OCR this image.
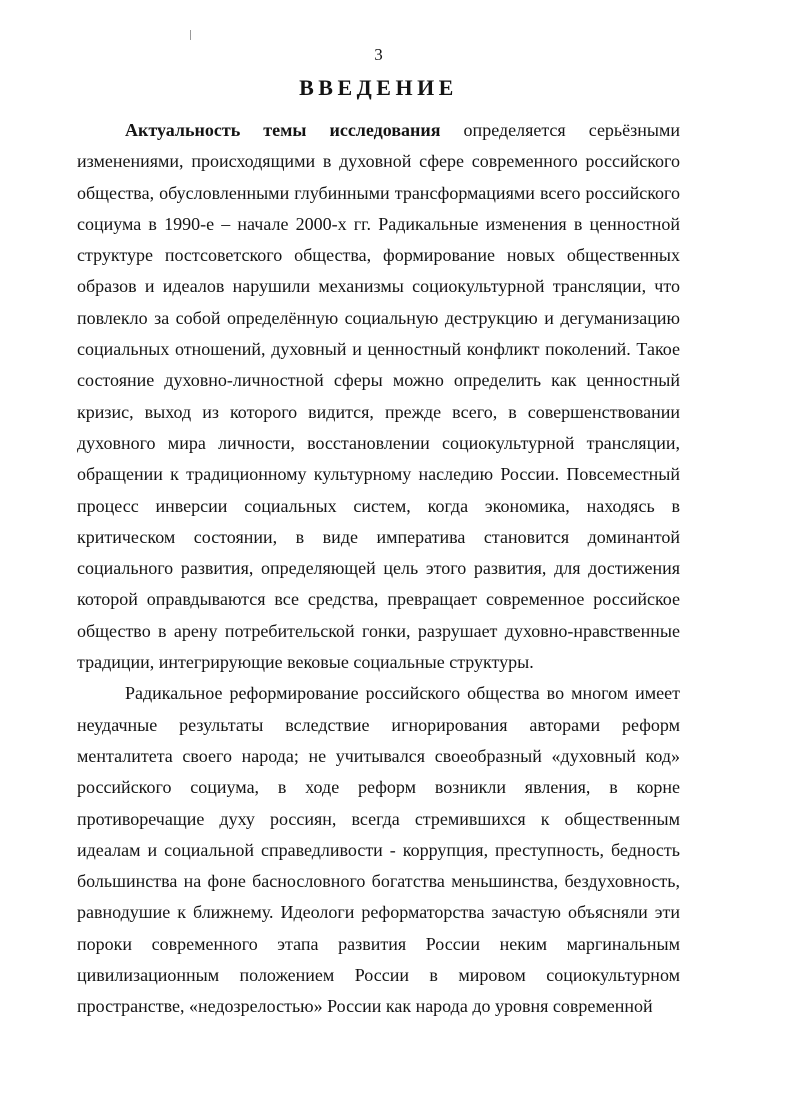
3
ВВЕДЕНИЕ

Актуальность темы исследования определяется серьёзными изменениями, происходящими в духовной сфере современного российского общества, обусловленными глубинными трансформациями всего российского социума в 1990-е – начале 2000-х гг. Радикальные изменения в ценностной структуре постсоветского общества, формирование новых общественных образов и идеалов нарушили механизмы социокультурной трансляции, что повлекло за собой определённую социальную деструкцию и дегуманизацию социальных отношений, духовный и ценностный конфликт поколений. Такое состояние духовно-личностной сферы можно определить как ценностный кризис, выход из которого видится, прежде всего, в совершенствовании духовного мира личности, восстановлении социокультурной трансляции, обращении к традиционному культурному наследию России. Повсеместный процесс инверсии социальных систем, когда экономика, находясь в критическом состоянии, в виде императива становится доминантой социального развития, определяющей цель этого развития, для достижения которой оправдываются все средства, превращает современное российское общество в арену потребительской гонки, разрушает духовно-нравственные традиции, интегрирующие вековые социальные структуры.

Радикальное реформирование российского общества во многом имеет неудачные результаты вследствие игнорирования авторами реформ менталитета своего народа; не учитывался своеобразный «духовный код» российского социума, в ходе реформ возникли явления, в корне противоречащие духу россиян, всегда стремившихся к общественным идеалам и социальной справедливости - коррупция, преступность, бедность большинства на фоне баснословного богатства меньшинства, бездуховность, равнодушие к ближнему. Идеологи реформаторства зачастую объясняли эти пороки современного этапа развития России неким маргинальным цивилизационным положением России в мировом социокультурном пространстве, «недозрелостью» России как народа до уровня современной
